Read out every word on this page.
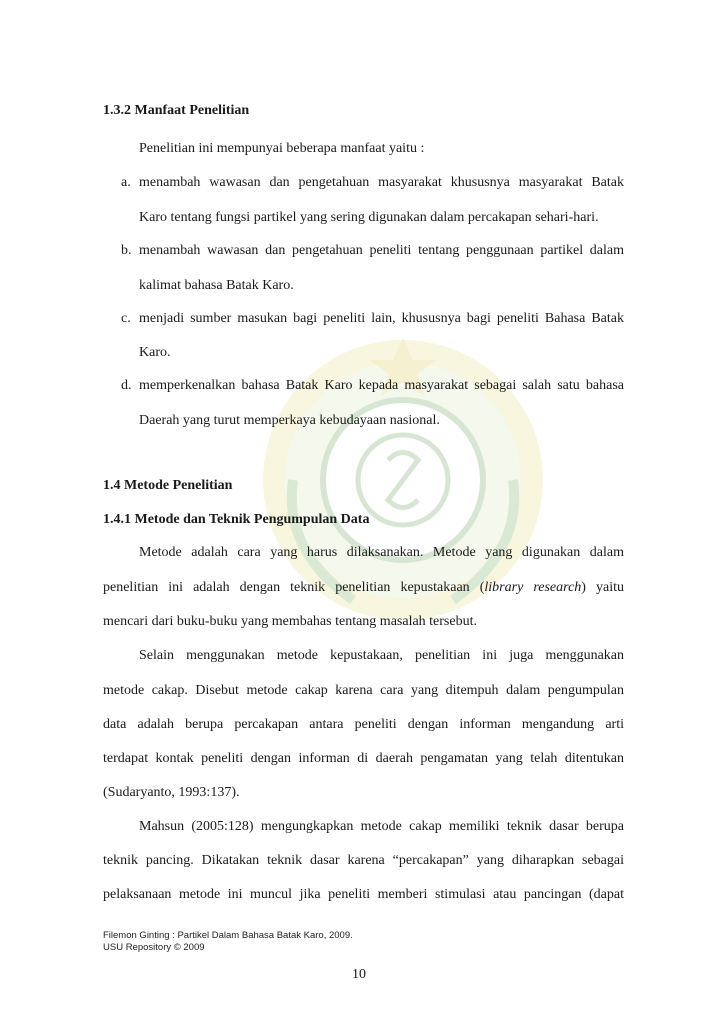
1.3.2 Manfaat Penelitian
Penelitian ini mempunyai beberapa manfaat yaitu :
a. menambah wawasan dan pengetahuan masyarakat khususnya masyarakat Batak
Karo tentang fungsi partikel yang sering digunakan dalam percakapan sehari-hari.
b. menambah wawasan dan pengetahuan peneliti tentang penggunaan partikel dalam
kalimat bahasa Batak Karo.
c. menjadi sumber masukan bagi peneliti lain, khususnya bagi peneliti Bahasa Batak
Karo.
d. memperkenalkan bahasa Batak Karo kepada masyarakat sebagai salah satu bahasa
Daerah yang turut memperkaya kebudayaan nasional.
1.4 Metode Penelitian
1.4.1 Metode dan Teknik Pengumpulan Data
Metode adalah cara yang harus dilaksanakan. Metode yang digunakan dalam
penelitian ini adalah dengan teknik penelitian kepustakaan (library research) yaitu
mencari dari buku-buku yang membahas tentang masalah tersebut.
Selain menggunakan metode kepustakaan, penelitian ini juga menggunakan
metode cakap. Disebut metode cakap karena cara yang ditempuh dalam pengumpulan
data adalah berupa percakapan antara peneliti dengan informan mengandung arti
terdapat kontak peneliti dengan informan di daerah pengamatan yang telah ditentukan
(Sudaryanto, 1993:137).
Mahsun (2005:128) mengungkapkan metode cakap memiliki teknik dasar berupa
teknik pancing. Dikatakan teknik dasar karena “percakapan” yang diharapkan sebagai
pelaksanaan metode ini muncul jika peneliti memberi stimulasi atau pancingan (dapat
Filemon Ginting : Partikel Dalam Bahasa Batak Karo, 2009.
USU Repository © 2009
10
